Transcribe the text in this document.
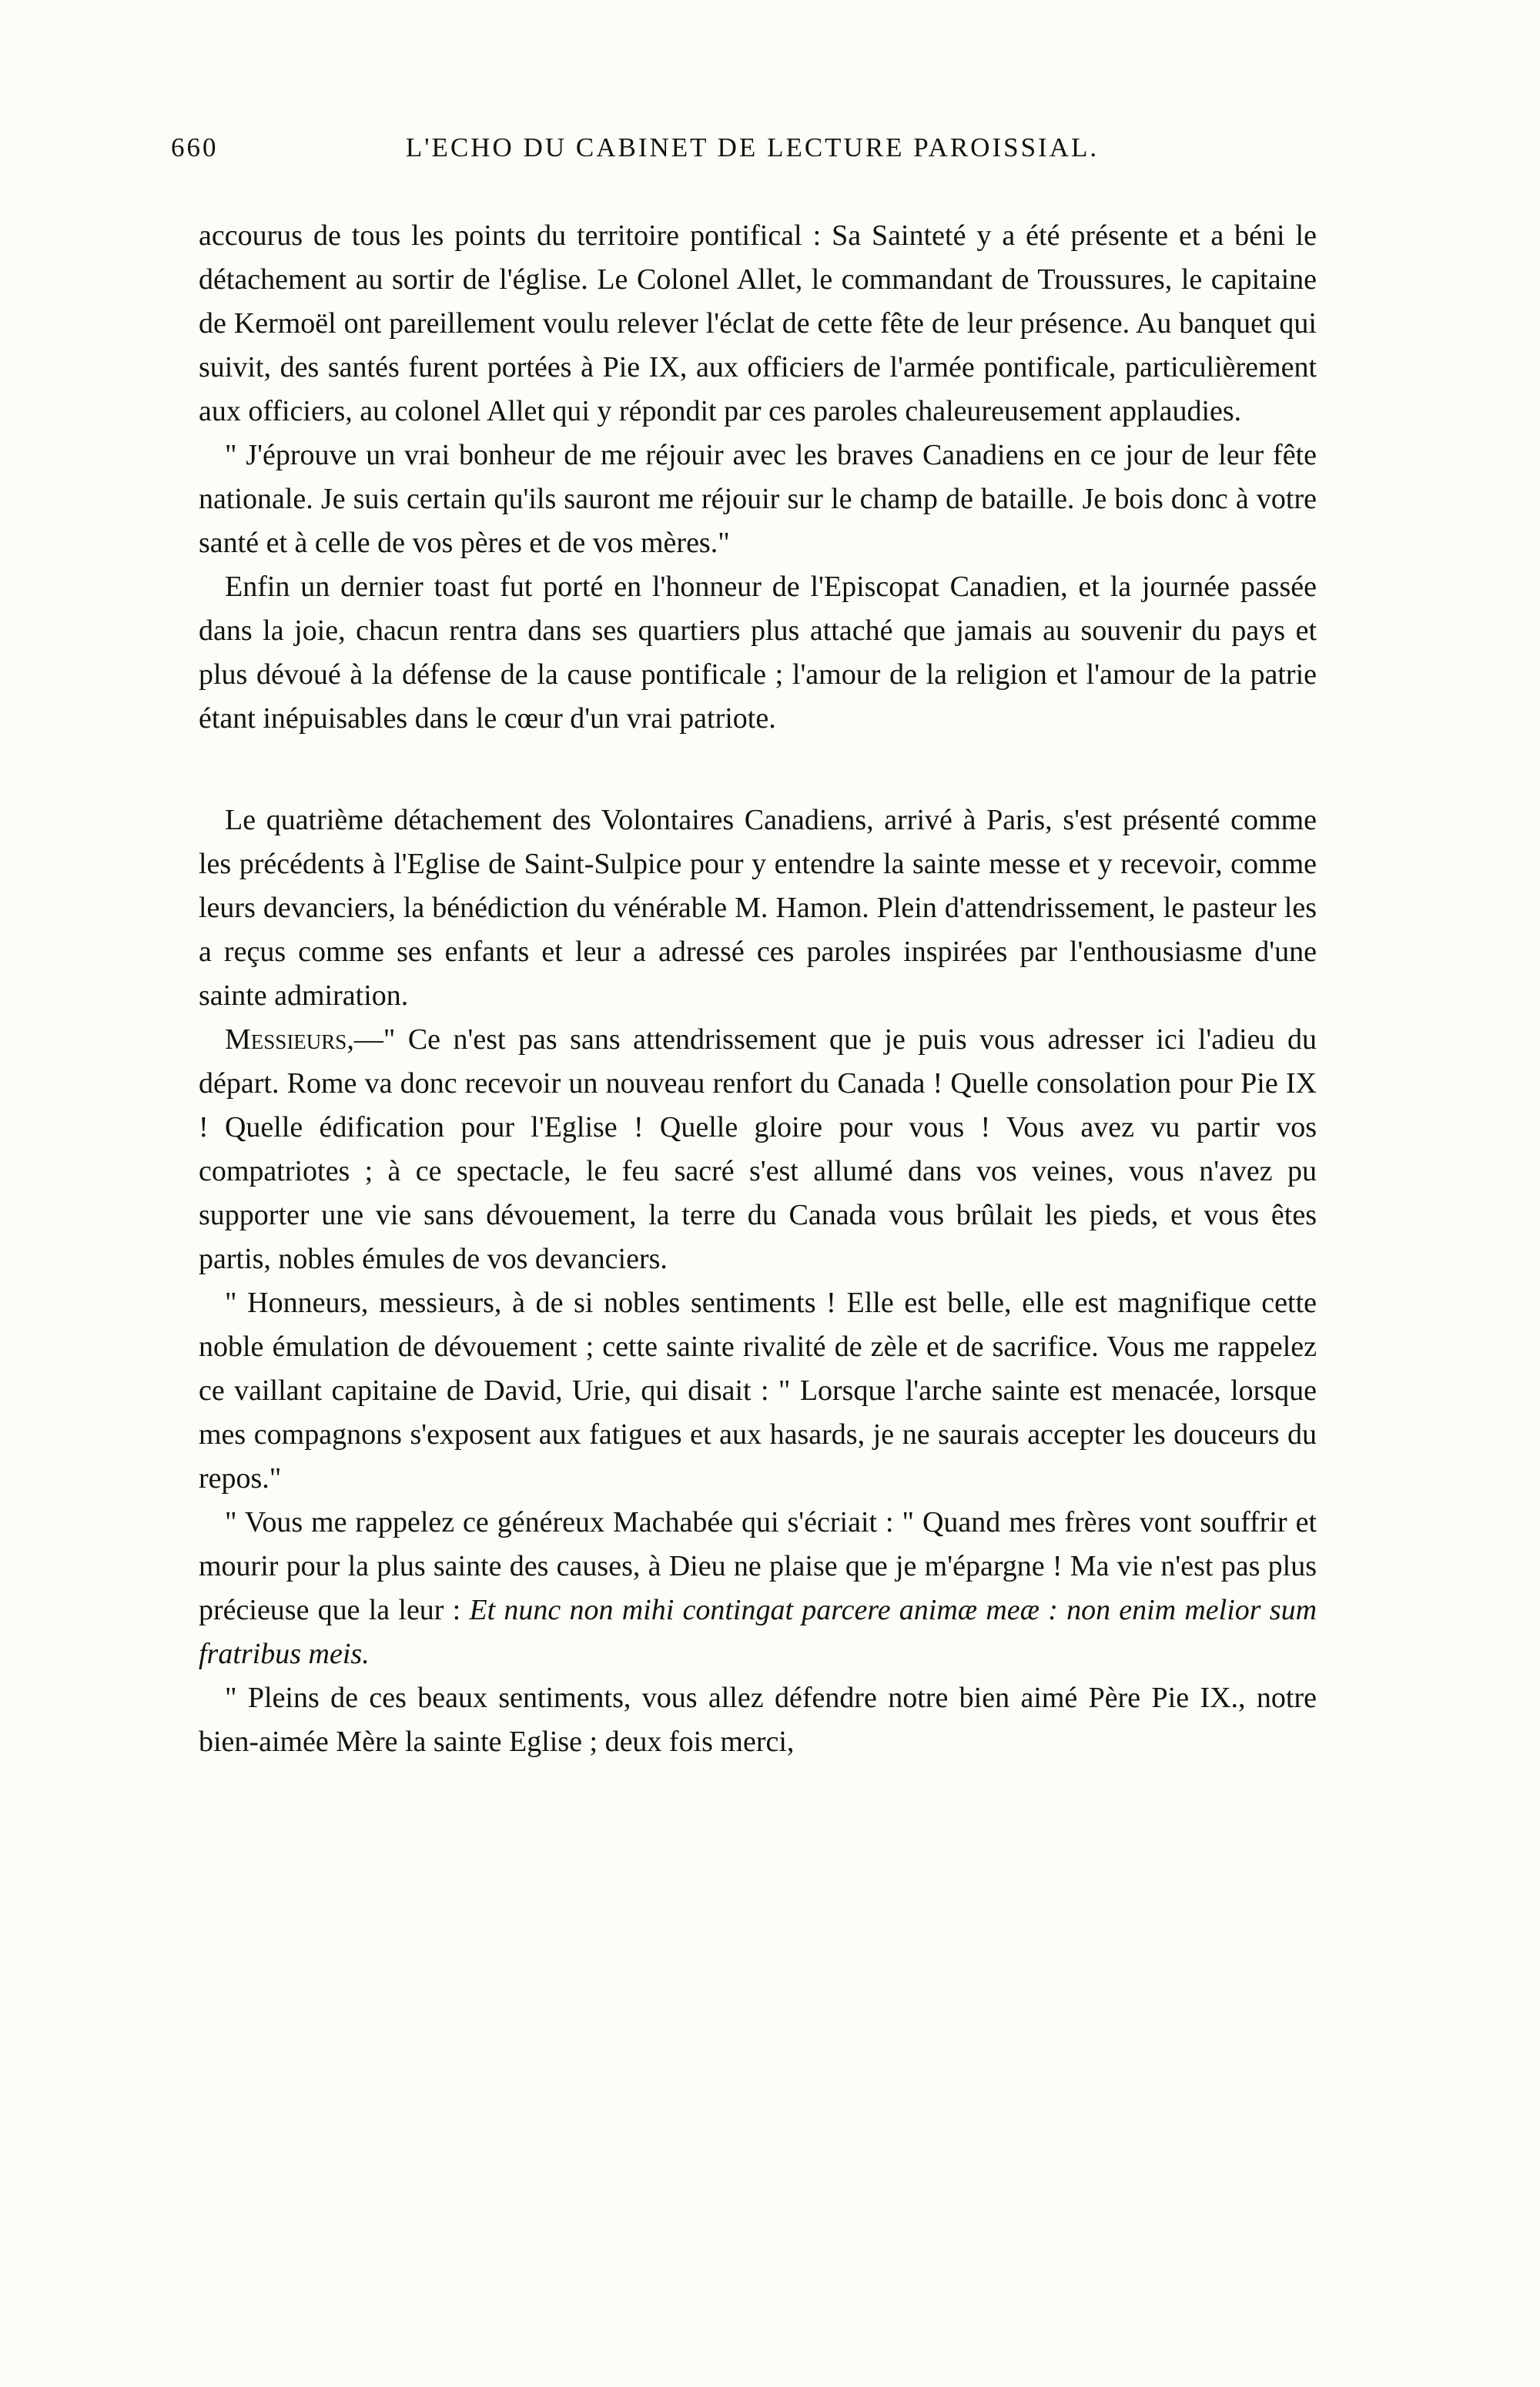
660	L'ECHO DU CABINET DE LECTURE PAROISSIAL.

accourus de tous les points du territoire pontifical : Sa Sainteté y a été présente et a béni le détachement au sortir de l'église. Le Colonel Allet, le commandant de Troussures, le capitaine de Kermoël ont pareillement voulu relever l'éclat de cette fête de leur présence. Au banquet qui suivit, des santés furent portées à Pie IX, aux officiers de l'armée pontificale, particulièrement aux officiers, au colonel Allet qui y répondit par ces paroles chaleureusement applaudies.

" J'éprouve un vrai bonheur de me réjouir avec les braves Canadiens en ce jour de leur fête nationale. Je suis certain qu'ils sauront me réjouir sur le champ de bataille. Je bois donc à votre santé et à celle de vos pères et de vos mères."

Enfin un dernier toast fut porté en l'honneur de l'Episcopat Canadien, et la journée passée dans la joie, chacun rentra dans ses quartiers plus attaché que jamais au souvenir du pays et plus dévoué à la défense de la cause pontificale ; l'amour de la religion et l'amour de la patrie étant inépuisables dans le cœur d'un vrai patriote.

Le quatrième détachement des Volontaires Canadiens, arrivé à Paris, s'est présenté comme les précédents à l'Eglise de Saint-Sulpice pour y entendre la sainte messe et y recevoir, comme leurs devanciers, la bénédiction du vénérable M. Hamon. Plein d'attendrissement, le pasteur les a reçus comme ses enfants et leur a adressé ces paroles inspirées par l'enthousiasme d'une sainte admiration.

Messieurs,—" Ce n'est pas sans attendrissement que je puis vous adresser ici l'adieu du départ. Rome va donc recevoir un nouveau renfort du Canada ! Quelle consolation pour Pie IX ! Quelle édification pour l'Eglise ! Quelle gloire pour vous ! Vous avez vu partir vos compatriotes ; à ce spectacle, le feu sacré s'est allumé dans vos veines, vous n'avez pu supporter une vie sans dévouement, la terre du Canada vous brûlait les pieds, et vous êtes partis, nobles émules de vos devanciers.

" Honneurs, messieurs, à de si nobles sentiments ! Elle est belle, elle est magnifique cette noble émulation de dévouement ; cette sainte rivalité de zèle et de sacrifice. Vous me rappelez ce vaillant capitaine de David, Urie, qui disait : " Lorsque l'arche sainte est menacée, lorsque mes compagnons s'exposent aux fatigues et aux hasards, je ne saurais accepter les douceurs du repos."

" Vous me rappelez ce généreux Machabée qui s'écriait : " Quand mes frères vont souffrir et mourir pour la plus sainte des causes, à Dieu ne plaise que je m'épargne ! Ma vie n'est pas plus précieuse que la leur : Et nunc non mihi contingat parcere animæ meæ : non enim melior sum fratribus meis.

" Pleins de ces beaux sentiments, vous allez défendre notre bien aimé Père Pie IX., notre bien-aimée Mère la sainte Eglise ; deux fois merci,
